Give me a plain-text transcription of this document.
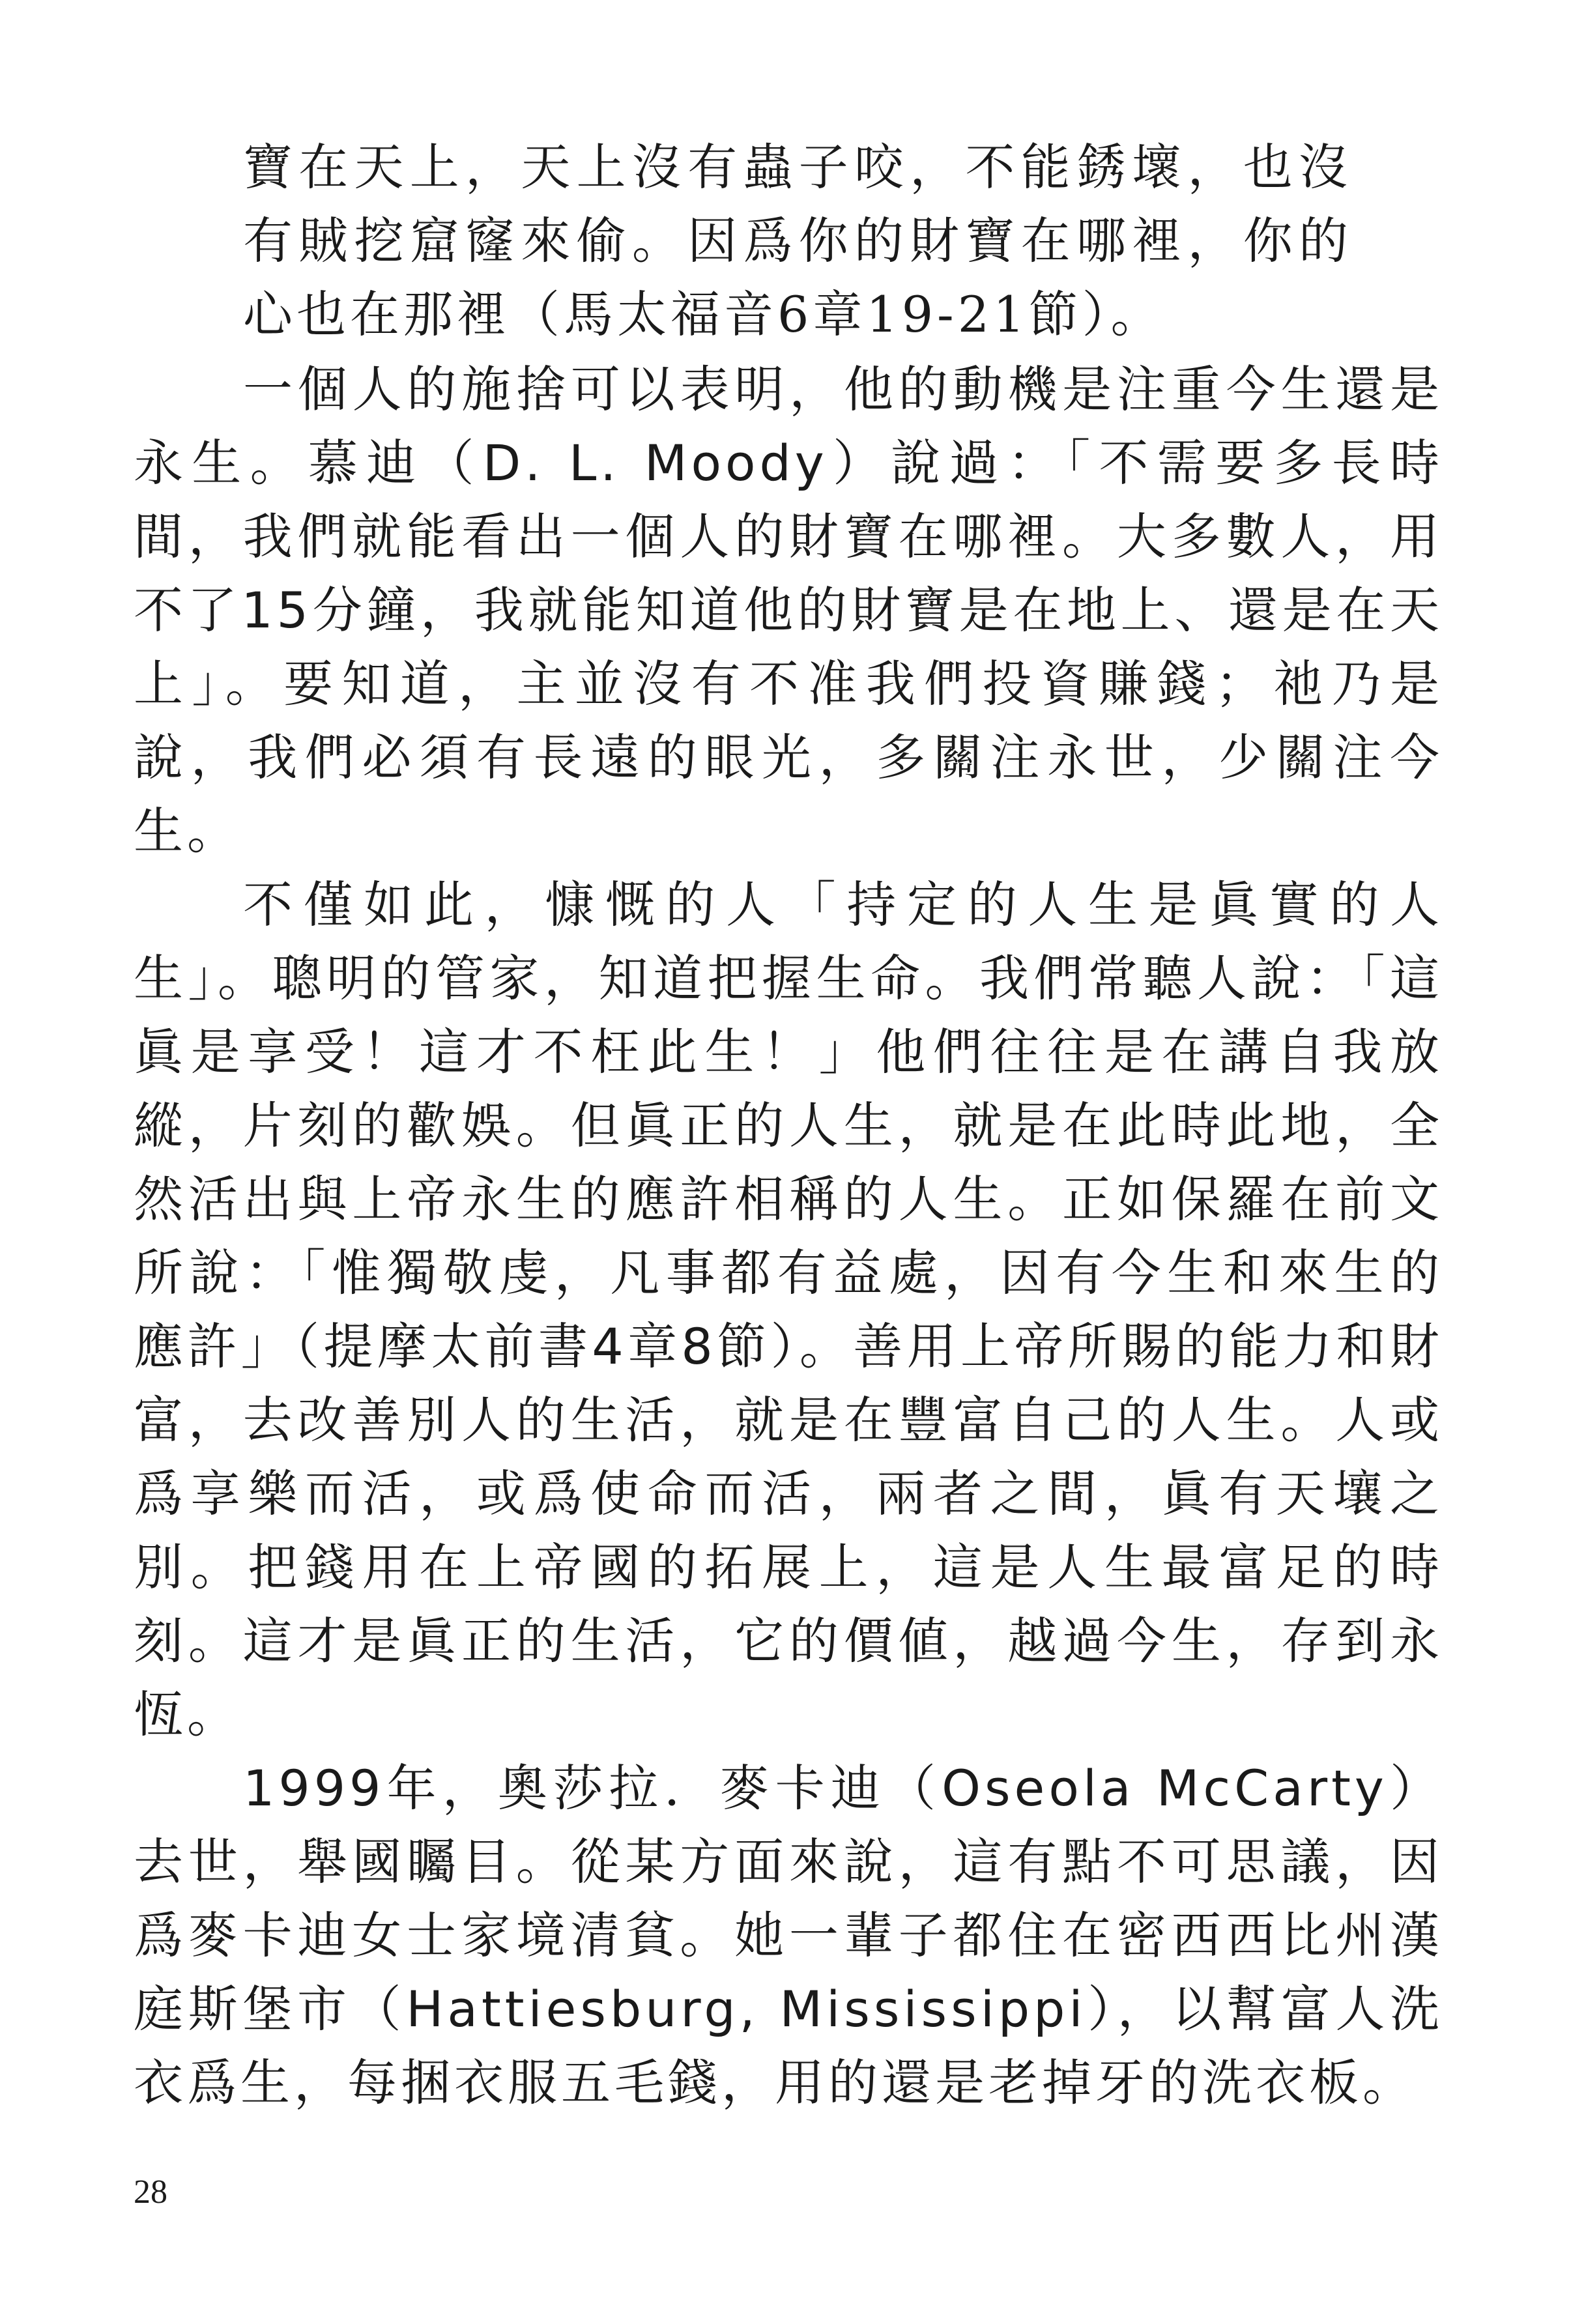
寶在天上，天上沒有蟲子咬，不能銹壞，也沒有賊挖窟窿來偷。因爲你的財寶在哪裡，你的心也在那裡（馬太福音6章19-21節）。

一個人的施捨可以表明，他的動機是注重今生還是永生。慕迪（D. L. Moody）說過：「不需要多長時間，我們就能看出一個人的財寶在哪裡。大多數人，用不了15分鐘，我就能知道他的財寶是在地上、還是在天上」。要知道，主並沒有不准我們投資賺錢；祂乃是說，我們必須有長遠的眼光，多關注永世，少關注今生。

不僅如此，慷慨的人「持定的人生是眞實的人生」。聰明的管家，知道把握生命。我們常聽人說：「這眞是享受！這才不枉此生！」他們往往是在講自我放縱，片刻的歡娛。但眞正的人生，就是在此時此地，全然活出與上帝永生的應許相稱的人生。正如保羅在前文所說：「惟獨敬虔，凡事都有益處，因有今生和來生的應許」（提摩太前書4章8節）。善用上帝所賜的能力和財富，去改善別人的生活，就是在豐富自己的人生。人或爲享樂而活，或爲使命而活，兩者之間，眞有天壤之別。把錢用在上帝國的拓展上，這是人生最富足的時刻。這才是眞正的生活，它的價値，越過今生，存到永恆。

1999年，奧莎拉．麥卡迪（Oseola McCarty）去世，舉國矚目。從某方面來說，這有點不可思議，因爲麥卡迪女士家境清貧。她一輩子都住在密西西比州漢庭斯堡市（Hattiesburg, Mississippi），以幫富人洗衣爲生，每捆衣服五毛錢，用的還是老掉牙的洗衣板。

28
